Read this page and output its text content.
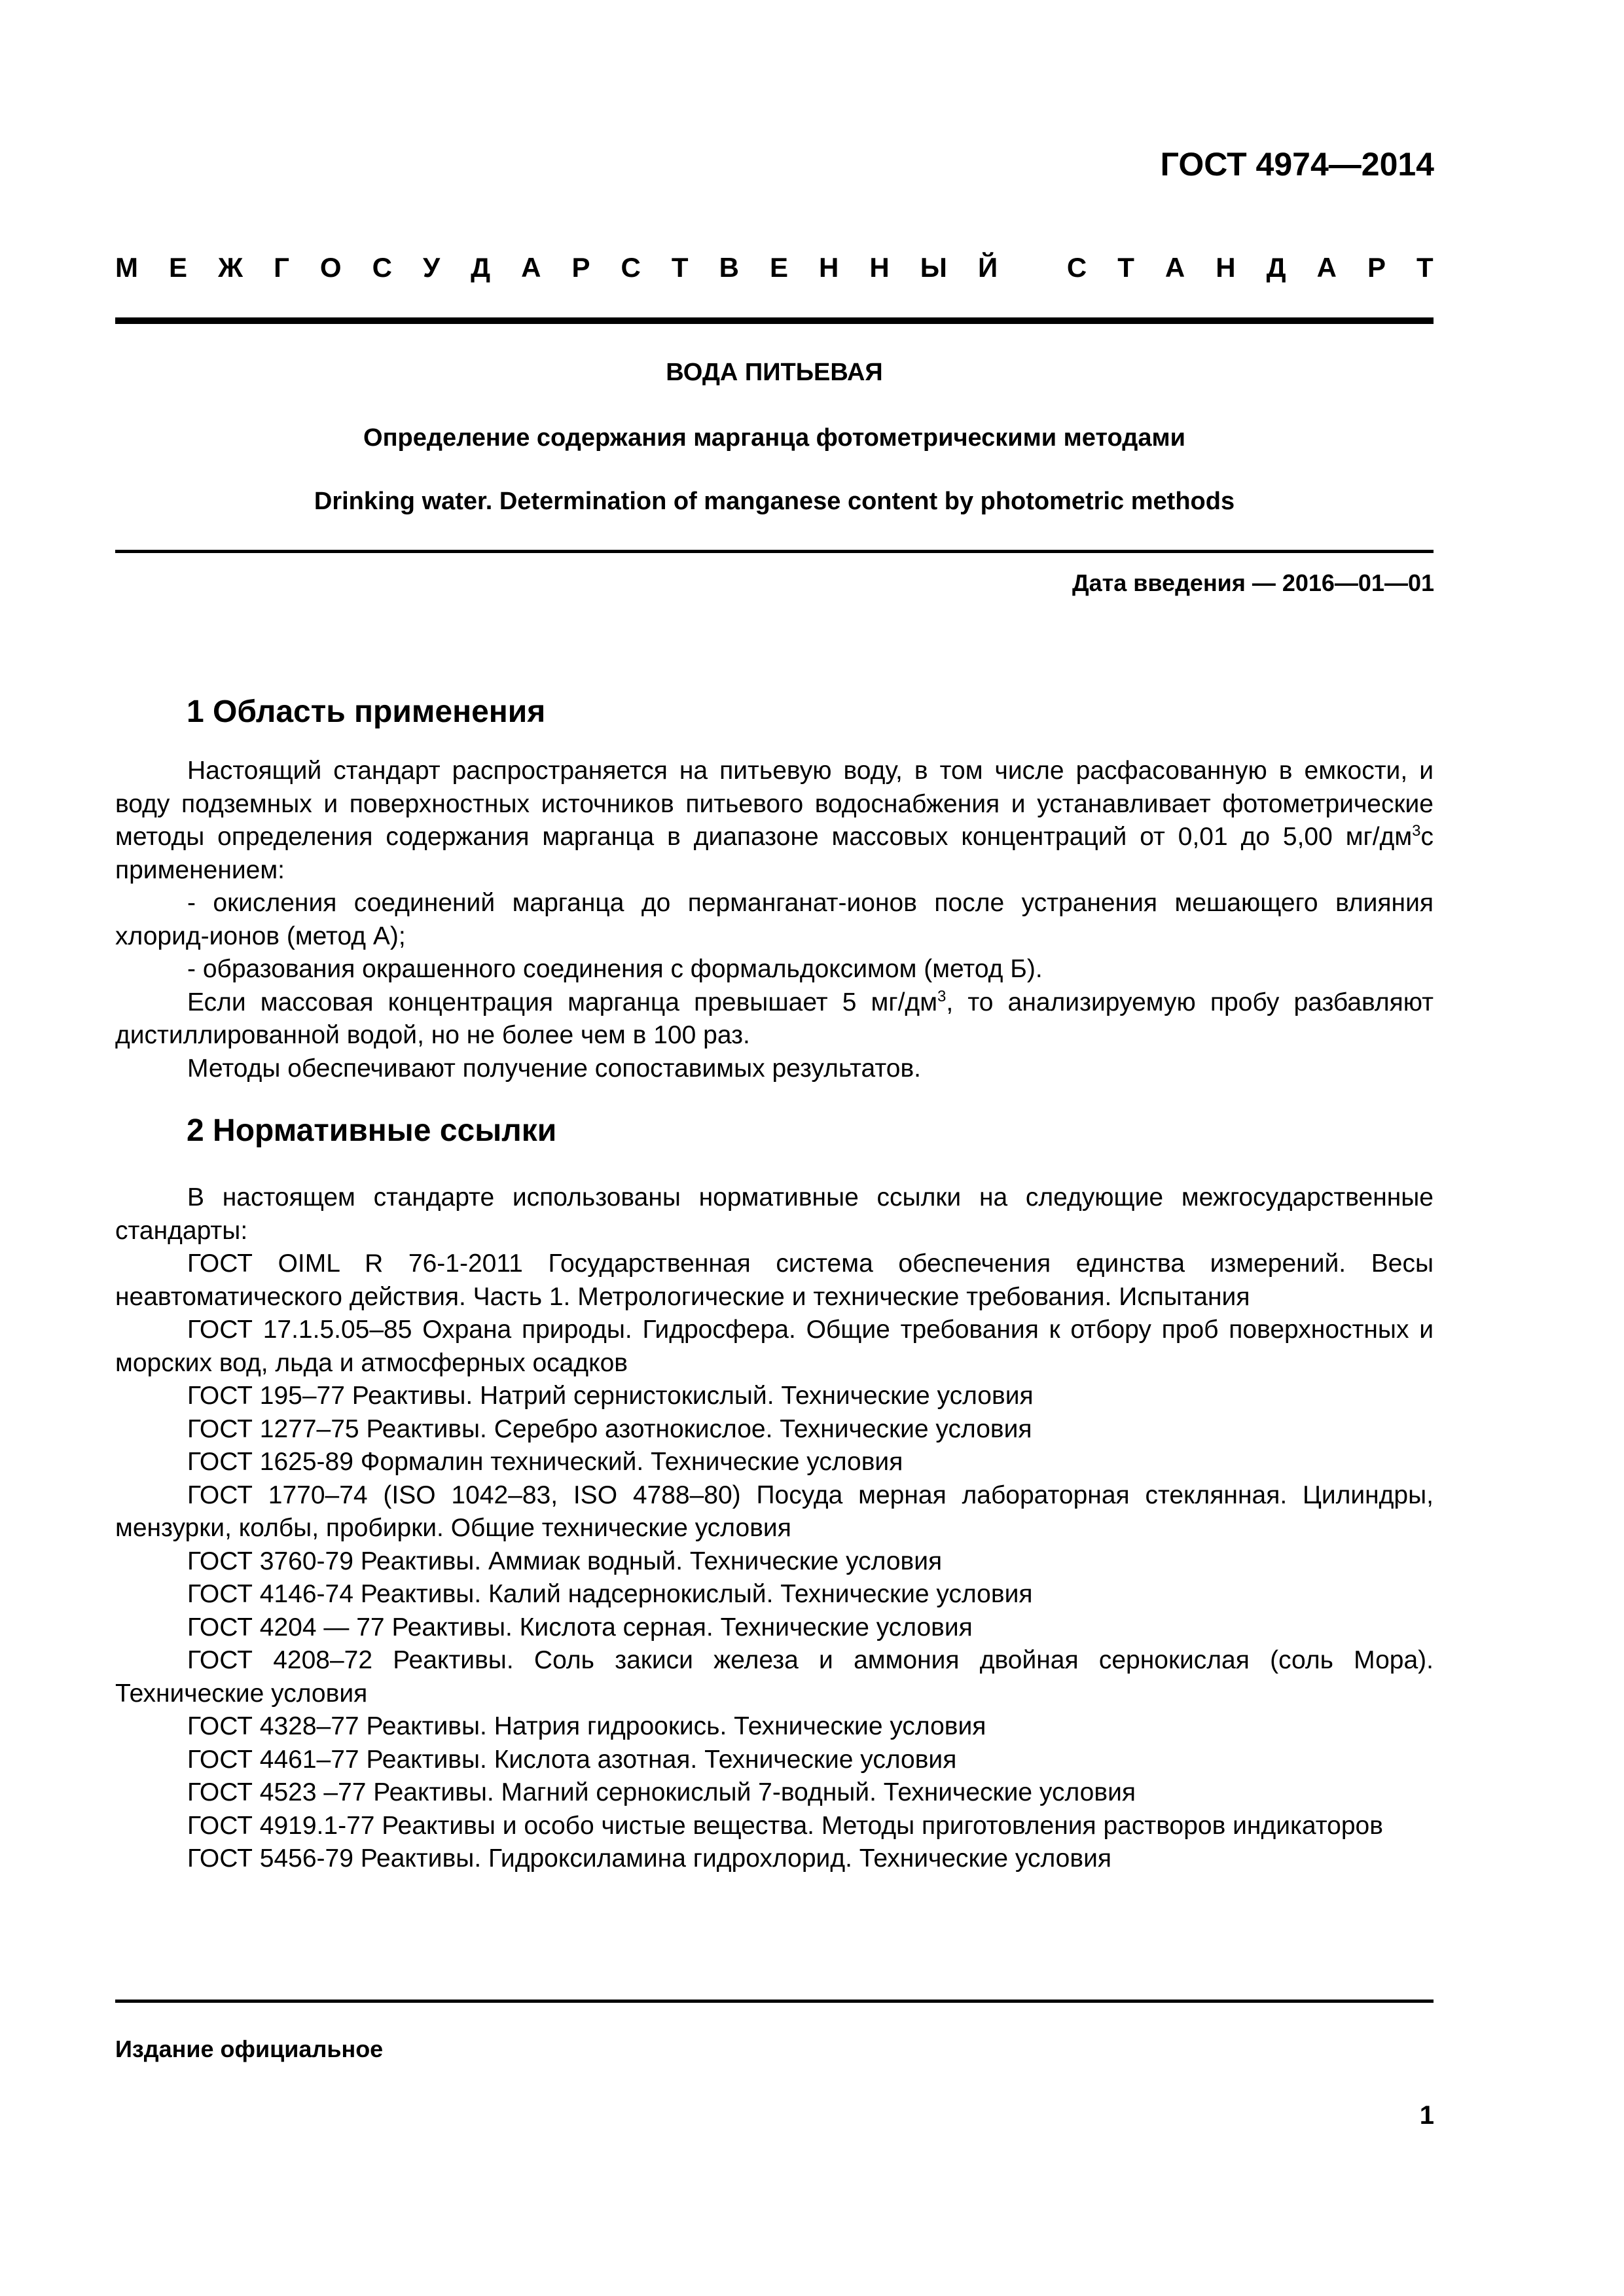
ГОСТ 4974—2014
М Е Ж Г О С У Д А Р С Т В Е Н Н Ы Й
	С Т А Н Д А Р Т
ВОДА ПИТЬЕВАЯ
Определение содержания марганца фотометрическими методами
Drinking water. Determination of manganese content by photometric methods
Дата введения — 2016—01—01
1 Область применения

Настоящий стандарт распространяется на питьевую воду, в том числе расфасованную в емкости, и воду подземных и поверхностных источников питьевого водоснабжения и устанавливает фотометрические методы определения содержания марганца в диапазоне массовых концентраций от 0,01 до 5,00 $мг/дм^3с$ применением:

- окисления соединений марганца до перманганат-ионов после устранения мешающего влияния хлорид-ионов (метод А);

- образования окрашенного соединения с формальдоксимом (метод Б).

Если массовая концентрация марганца превышает 5 $мг/дм^3$, то анализируемую пробу разбавляют дистиллированной водой, но не более чем в 100 раз.

Методы обеспечивают получение сопоставимых результатов.

2 Нормативные ссылки

В настоящем стандарте использованы нормативные ссылки на следующие межгосударственные стандарты:

ГОСТ OIML R 76-1-2011 Государственная система обеспечения единства измерений. Весы неавтоматического действия. Часть 1. Метрологические и технические требования. Испытания

ГОСТ 17.1.5.05–85 Охрана природы. Гидросфера. Общие требования к отбору проб поверхностных и морских вод, льда и атмосферных осадков

ГОСТ 195–77 Реактивы. Натрий сернистокислый. Технические условия

ГОСТ 1277–75 Реактивы. Серебро азотнокислое. Технические условия

ГОСТ 1625-89 Формалин технический. Технические условия

ГОСТ 1770–74 (ISO 1042–83, ISO 4788–80) Посуда мерная лабораторная стеклянная. Цилиндры, мензурки, колбы, пробирки. Общие технические условия

ГОСТ 3760-79 Реактивы. Аммиак водный. Технические условия

ГОСТ 4146-74 Реактивы. Калий надсернокислый. Технические условия

ГОСТ 4204 — 77 Реактивы. Кислота серная. Технические условия

ГОСТ 4208–72 Реактивы. Соль закиси железа и аммония двойная сернокислая (соль Мора). Технические условия

ГОСТ 4328–77 Реактивы. Натрия гидроокись. Технические условия

ГОСТ 4461–77 Реактивы. Кислота азотная. Технические условия

ГОСТ 4523 –77 Реактивы. Магний сернокислый 7-водный. Технические условия

ГОСТ 4919.1-77 Реактивы и особо чистые вещества. Методы приготовления растворов индикаторов

ГОСТ 5456-79 Реактивы. Гидроксиламина гидрохлорид. Технические условия

Издание официальное
1
